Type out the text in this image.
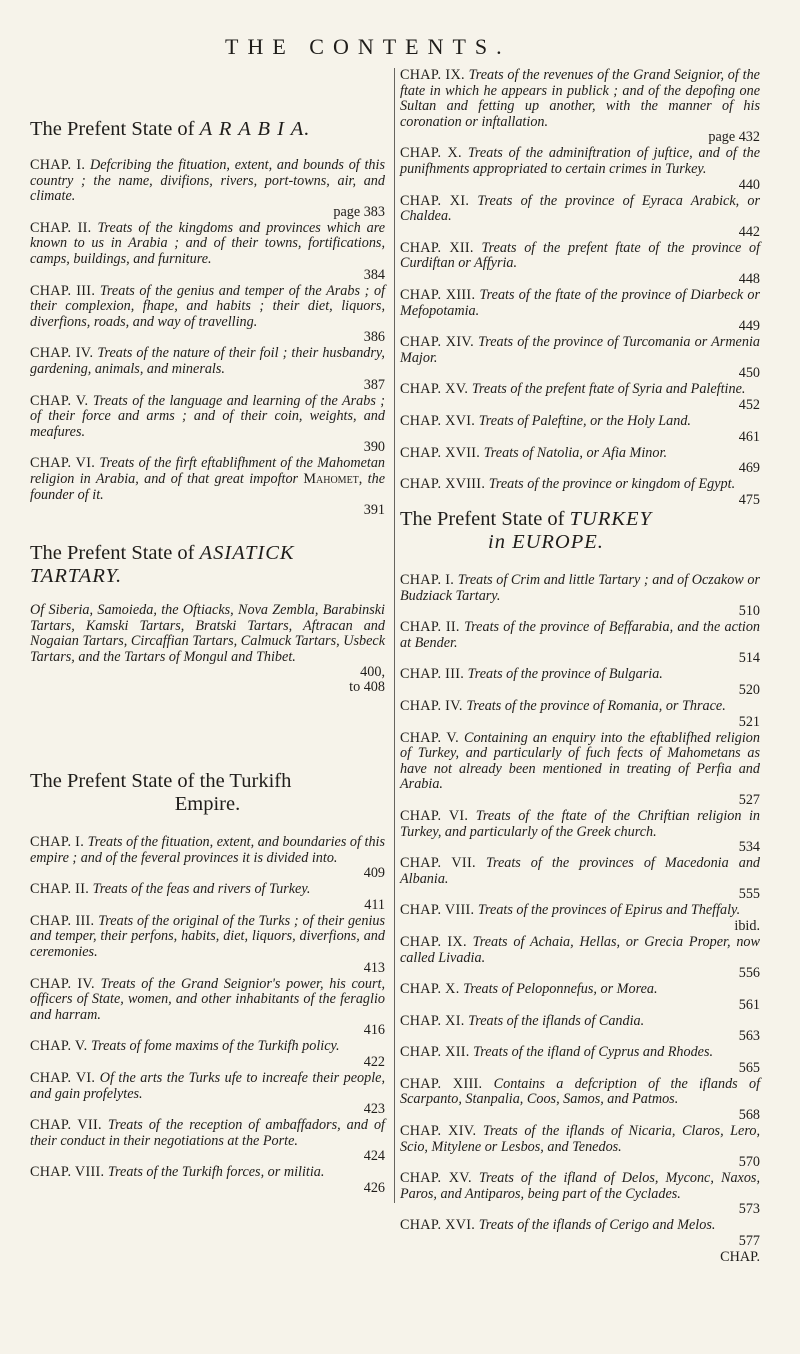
THE CONTENTS.
The Prefent State of A R A B I A.
CHAP. I. Defcribing the fituation, extent, and bounds of this country ; the name, divifions, rivers, port-towns, air, and climate.
page 383
CHAP. II. Treats of the kingdoms and provinces which are known to us in Arabia ; and of their towns, fortifications, camps, buildings, and furniture.
384
CHAP. III. Treats of the genius and temper of the Arabs ; of their complexion, fhape, and habits ; their diet, liquors, diverfions, roads, and way of travelling.
386
CHAP. IV. Treats of the nature of their foil ; their husbandry, gardening, animals, and minerals.
387
CHAP. V. Treats of the language and learning of the Arabs ; of their force and arms ; and of their coin, weights, and meafures.
390
CHAP. VI. Treats of the firft eftablifhment of the Mahometan religion in Arabia, and of that great impoftor Mahomet, the founder of it.
391
The Prefent State of ASIATICK TARTARY.
Of Siberia, Samoieda, the Oftiacks, Nova Zembla, Barabinski Tartars, Kamski Tartars, Bratski Tartars, Aftracan and Nogaian Tartars, Circaffian Tartars, Calmuck Tartars, Usbeck Tartars, and the Tartars of Mongul and Thibet.
400,
to 408
The Prefent State of the Turkifh

Empire.
CHAP. I. Treats of the fituation, extent, and boundaries of this empire ; and of the feveral provinces it is divided into.
409
CHAP. II. Treats of the feas and rivers of Turkey.
411
CHAP. III. Treats of the original of the Turks ; of their genius and temper, their perfons, habits, diet, liquors, diverfions, and ceremonies.
413
CHAP. IV. Treats of the Grand Seignior's power, his court, officers of State, women, and other inhabitants of the feraglio and harram.
416
CHAP. V. Treats of fome maxims of the Turkifh policy.
422
CHAP. VI. Of the arts the Turks ufe to increafe their people, and gain profelytes.
423
CHAP. VII. Treats of the reception of ambaffadors, and of their conduct in their negotiations at the Porte.
424
CHAP. VIII. Treats of the Turkifh forces, or militia.
426
CHAP. IX. Treats of the revenues of the Grand Seignior, of the ftate in which he appears in publick ; and of the depofing one Sultan and fetting up another, with the manner of his coronation or inftallation.
page 432
CHAP. X. Treats of the adminiftration of juftice, and of the punifhments appropriated to certain crimes in Turkey.
440
CHAP. XI. Treats of the province of Eyraca Arabick, or Chaldea.
442
CHAP. XII. Treats of the prefent ftate of the province of Curdiftan or Affyria.
448
CHAP. XIII. Treats of the ftate of the province of Diarbeck or Mefopotamia.
449
CHAP. XIV. Treats of the province of Turcomania or Armenia Major.
450
CHAP. XV. Treats of the prefent ftate of Syria and Paleftine.
452
CHAP. XVI. Treats of Paleftine, or the Holy Land.
461
CHAP. XVII. Treats of Natolia, or Afia Minor.
469
CHAP. XVIII. Treats of the province or kingdom of Egypt.
475
The Prefent State of TURKEY
in EUROPE.
CHAP. I. Treats of Crim and little Tartary ; and of Oczakow or Budziack Tartary.
510
CHAP. II. Treats of the province of Beffarabia, and the action at Bender.
514
CHAP. III. Treats of the province of Bulgaria.
520
CHAP. IV. Treats of the province of Romania, or Thrace.
521
CHAP. V. Containing an enquiry into the eftablifhed religion of Turkey, and particularly of fuch fects of Mahometans as have not already been mentioned in treating of Perfia and Arabia.
527
CHAP. VI. Treats of the ftate of the Chriftian religion in Turkey, and particularly of the Greek church.
534
CHAP. VII. Treats of the provinces of Macedonia and Albania.
555
CHAP. VIII. Treats of the provinces of Epirus and Theffaly.
ibid.
CHAP. IX. Treats of Achaia, Hellas, or Grecia Proper, now called Livadia.
556
CHAP. X. Treats of Peloponnefus, or Morea.
561
CHAP. XI. Treats of the iflands of Candia.
563
CHAP. XII. Treats of the ifland of Cyprus and Rhodes.
565
CHAP. XIII. Contains a defcription of the iflands of Scarpanto, Stanpalia, Coos, Samos, and Patmos.
568
CHAP. XIV. Treats of the iflands of Nicaria, Claros, Lero, Scio, Mitylene or Lesbos, and Tenedos.
570
CHAP. XV. Treats of the ifland of Delos, Myconc, Naxos, Paros, and Antiparos, being part of the Cyclades.
573
CHAP. XVI. Treats of the iflands of Cerigo and Melos.
577
CHAP.
